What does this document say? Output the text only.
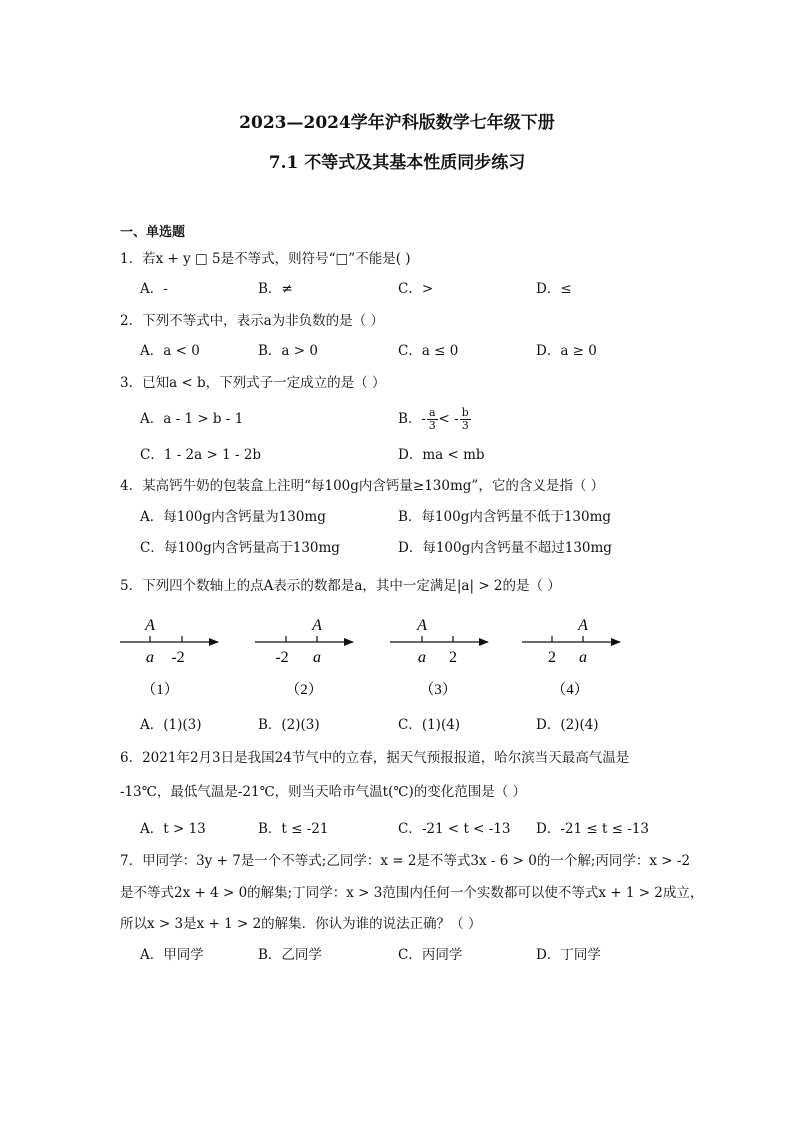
2023—2024学年沪科版数学七年级下册
7.1 不等式及其基本性质同步练习
一、单选题
1．若x + y □ 5是不等式，则符号“□”不能是( )
A．-	B．≠	C．>	D．≤
2．下列不等式中，表示a为非负数的是（ ）
A．a < 0	B．a > 0	C．a ≤ 0	D．a ≥ 0
3．已知a < b，下列式子一定成立的是（ ）
A．a - 1 > b - 1	B．- $\frac{a}{3}$ < - $\frac{b}{3}$
C．1 - 2a > 1 - 2b	D．ma < mb
4．某高钙牛奶的包装盒上注明“每100g内含钙量≥130mg”，它的含义是指（ ）
A．每100g内含钙量为130mg	B．每100g内含钙量不低于130mg
C．每100g内含钙量高于130mg	D．每100g内含钙量不超过130mg
5．下列四个数轴上的点A表示的数都是a，其中一定满足|a| > 2的是（ ）
A
a -2
（1）
A
-2 a
（2）
A
a 2
（3）
A
2 a
（4）
A．(1)(3)	B．(2)(3)	C．(1)(4)	D．(2)(4)
6．2021年2月3日是我国24节气中的立春，据天气预报报道，哈尔滨当天最高气温是
-13℃，最低气温是-21℃，则当天哈市气温t(℃)的变化范围是（ ）
A．t > 13	B．t ≤ -21	C．-21 < t < -13 D．-21 ≤ t ≤ -13
7．甲同学：3y + 7是一个不等式;乙同学：x = 2是不等式3x - 6 > 0的一个解;丙同学：x > -2
是不等式2x + 4 > 0的解集;丁同学：x > 3范围内任何一个实数都可以使不等式x + 1 > 2成立，
所以x > 3是x + 1 > 2的解集．你认为谁的说法正确？（ ）
A．甲同学	B．乙同学	C．丙同学	D．丁同学
